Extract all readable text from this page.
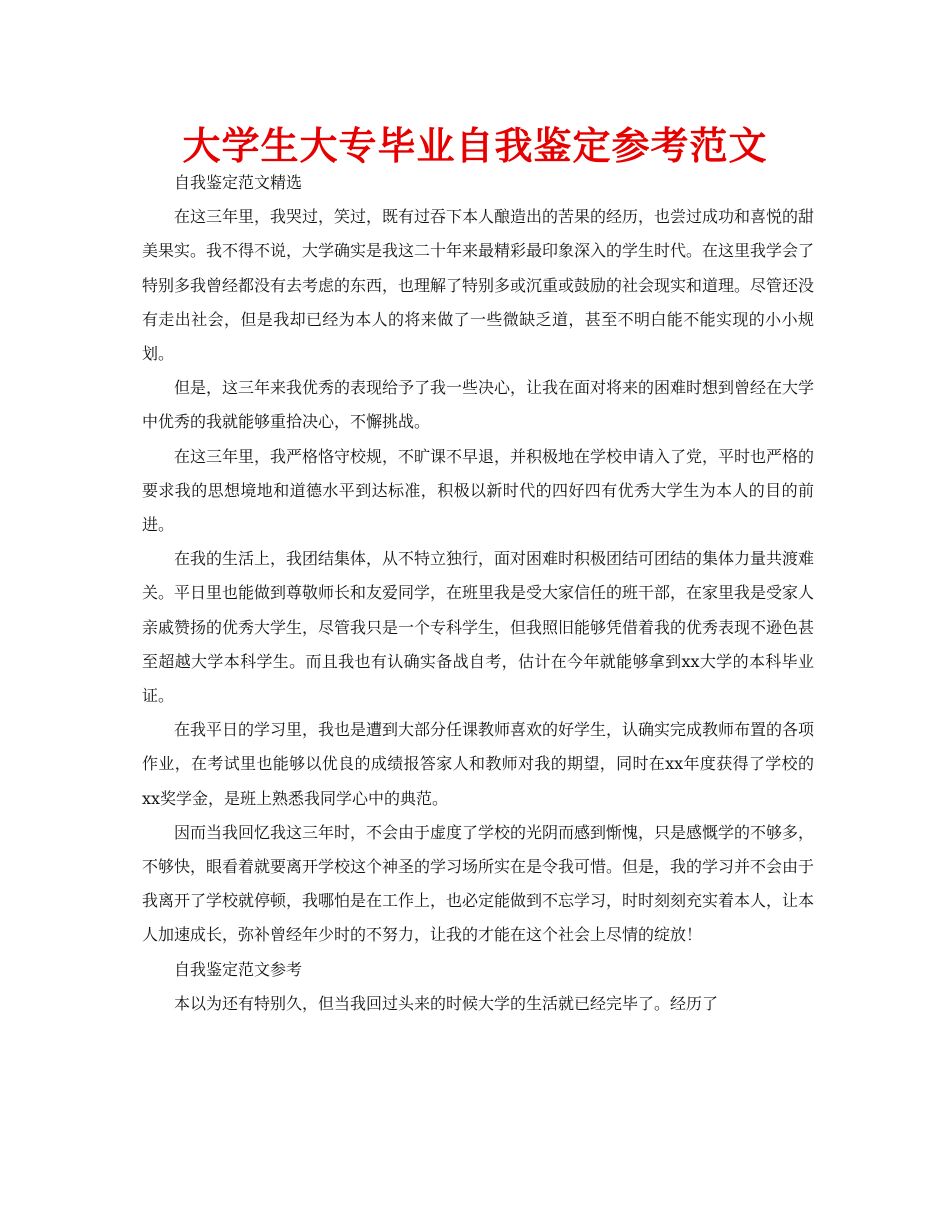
大学生大专毕业自我鉴定参考范文

自我鉴定范文精选

在这三年里，我哭过，笑过，既有过吞下本人酿造出的苦果的经历，也尝过成功和喜悦的甜美果实。我不得不说，大学确实是我这二十年来最精彩最印象深入的学生时代。在这里我学会了特别多我曾经都没有去考虑的东西，也理解了特别多或沉重或鼓励的社会现实和道理。尽管还没有走出社会，但是我却已经为本人的将来做了一些微缺乏道，甚至不明白能不能实现的小小规划。

但是，这三年来我优秀的表现给予了我一些决心，让我在面对将来的困难时想到曾经在大学中优秀的我就能够重拾决心，不懈挑战。

在这三年里，我严格恪守校规，不旷课不早退，并积极地在学校申请入了党，平时也严格的要求我的思想境地和道德水平到达标准，积极以新时代的四好四有优秀大学生为本人的目的前进。

在我的生活上，我团结集体，从不特立独行，面对困难时积极团结可团结的集体力量共渡难关。平日里也能做到尊敬师长和友爱同学，在班里我是受大家信任的班干部，在家里我是受家人亲戚赞扬的优秀大学生，尽管我只是一个专科学生，但我照旧能够凭借着我的优秀表现不逊色甚至超越大学本科学生。而且我也有认确实备战自考，估计在今年就能够拿到xx大学的本科毕业证。

在我平日的学习里，我也是遭到大部分任课教师喜欢的好学生，认确实完成教师布置的各项作业，在考试里也能够以优良的成绩报答家人和教师对我的期望，同时在xx年度获得了学校的xx奖学金，是班上熟悉我同学心中的典范。

因而当我回忆我这三年时，不会由于虚度了学校的光阴而感到惭愧，只是感慨学的不够多，不够快，眼看着就要离开学校这个神圣的学习场所实在是令我可惜。但是，我的学习并不会由于我离开了学校就停顿，我哪怕是在工作上，也必定能做到不忘学习，时时刻刻充实着本人，让本人加速成长，弥补曾经年少时的不努力，让我的才能在这个社会上尽情的绽放！

自我鉴定范文参考

本以为还有特别久，但当我回过头来的时候大学的生活就已经完毕了。经历了
